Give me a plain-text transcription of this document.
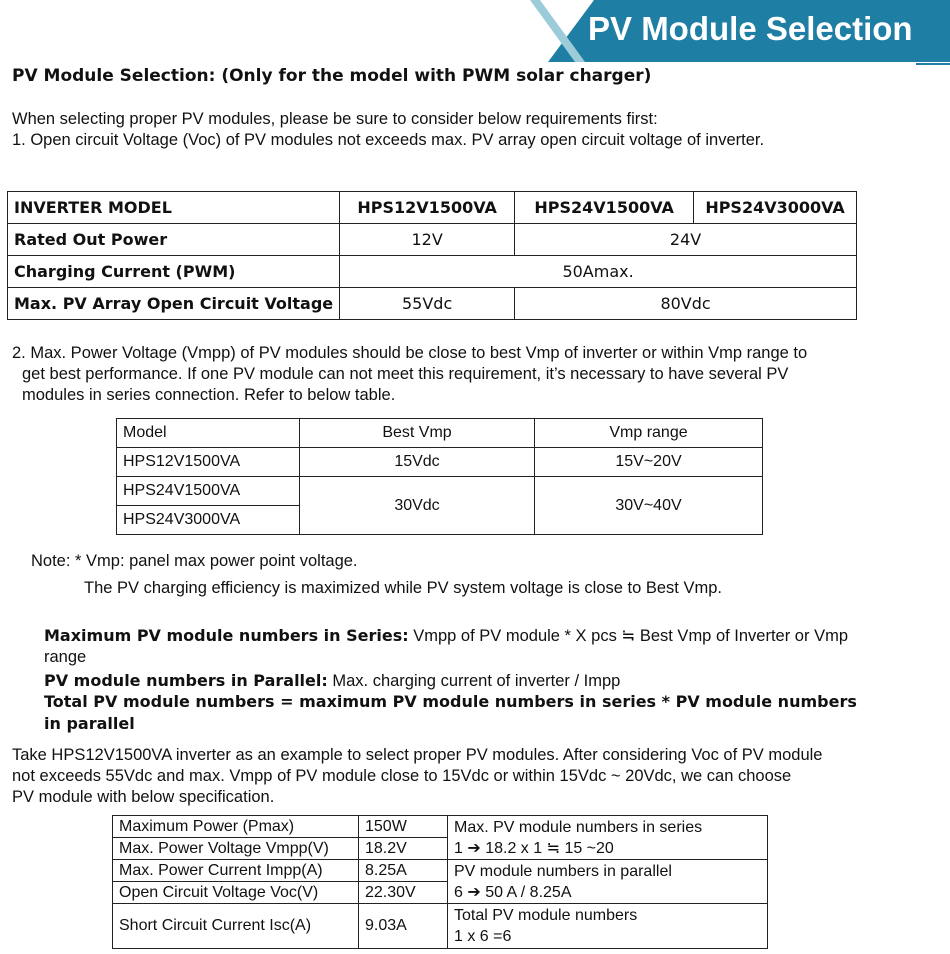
PV Module Selection
PV Module Selection: (Only for the model with PWM solar charger)
When selecting proper PV modules, please be sure to consider below requirements first:
1. Open circuit Voltage (Voc) of PV modules not exceeds max. PV array open circuit voltage of inverter.
INVERTER MODEL	HPS12V1500VA	HPS24V1500VA	HPS24V3000VA
Rated Out Power	12V	24V	
Charging Current (PWM)	50Amax.		
Max. PV Array Open Circuit Voltage	55Vdc	80Vdc	
2. Max. Power Voltage (Vmpp) of PV modules should be close to best Vmp of inverter or within Vmp range to
get best performance. If one PV module can not meet this requirement, it’s necessary to have several PV
modules in series connection. Refer to below table.
Model	Best Vmp	Vmp range
HPS12V1500VA	15Vdc	15V~20V
HPS24V1500VA	30Vdc	30V~40V
HPS24V3000VA		
Note: * Vmp: panel max power point voltage.
The PV charging efficiency is maximized while PV system voltage is close to Best Vmp.
Maximum PV module numbers in Series: Vmpp of PV module * X pcs ≒ Best Vmp of Inverter or Vmp range
PV module numbers in Parallel: Max. charging current of inverter / Impp
Total PV module numbers = maximum PV module numbers in series * PV module numbers in parallel
Take HPS12V1500VA inverter as an example to select proper PV modules. After considering Voc of PV module
not exceeds 55Vdc and max. Vmpp of PV module close to 15Vdc or within 15Vdc ~ 20Vdc, we can choose
PV module with below specification.
Maximum Power (Pmax)	150W	Max. PV module numbers in series
1 ➔ 18.2 x 1 ≒ 15 ~20

Max. Power Voltage Vmpp(V)	18.2V	
Max. Power Current Impp(A)	8.25A	PV module numbers in parallel
6 ➔ 50 A / 8.25A

Open Circuit Voltage Voc(V)	22.30V	
Short Circuit Current Isc(A)	9.03A	Total PV module numbers
1 x 6 =6
